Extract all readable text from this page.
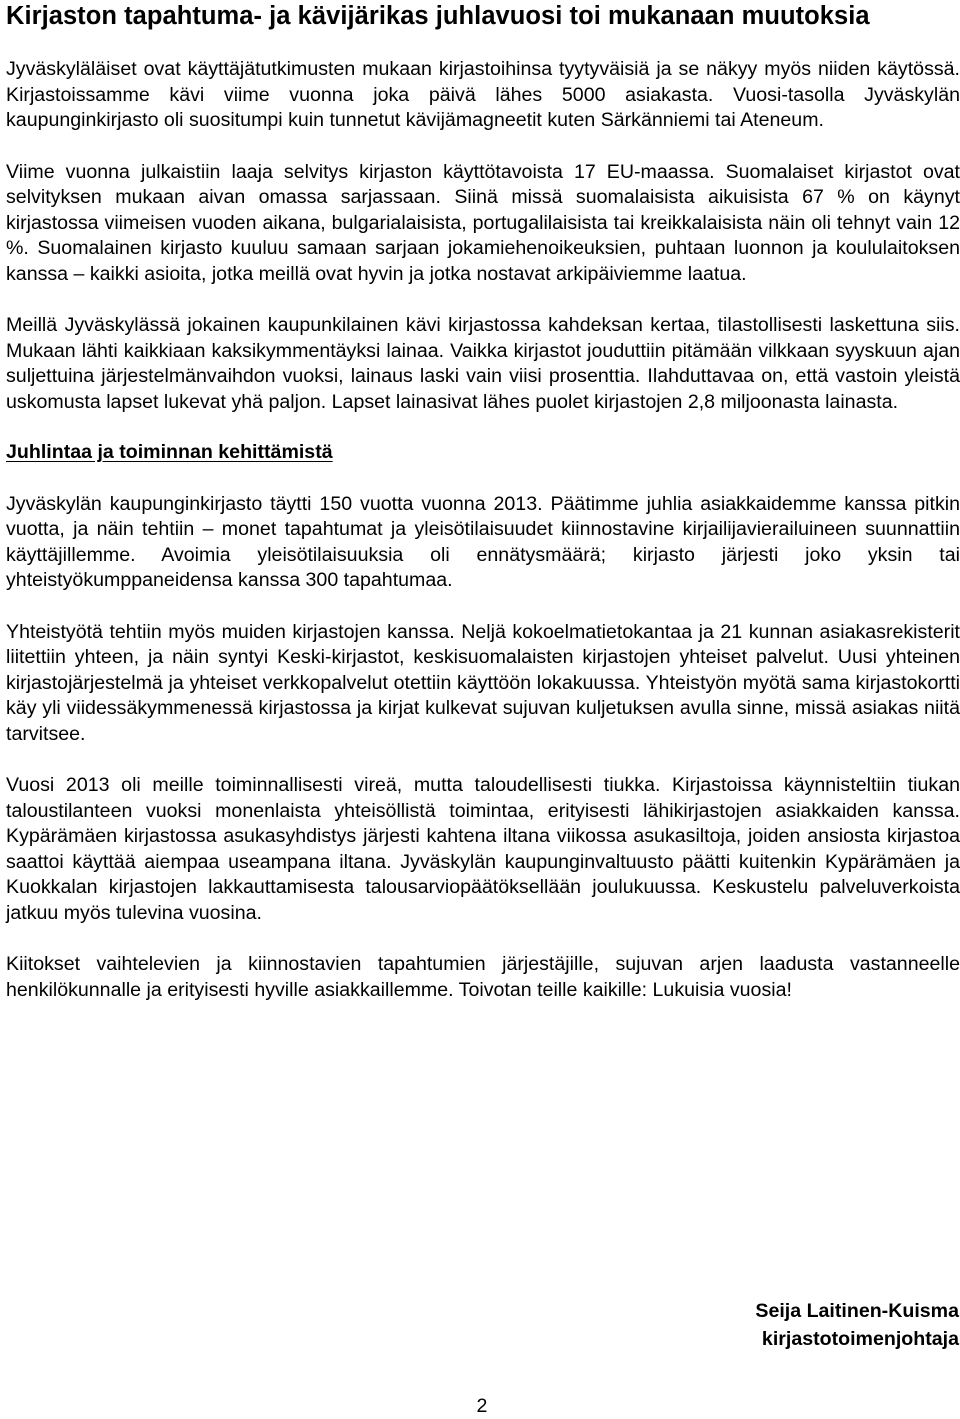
Kirjaston tapahtuma- ja kävijärikas juhlavuosi toi mukanaan muutoksia

Jyväskyläläiset ovat käyttäjätutkimusten mukaan kirjastoihinsa tyytyväisiä ja se näkyy myös niiden käytössä. Kirjastoissamme kävi viime vuonna joka päivä lähes 5000 asiakasta. Vuosi-tasolla Jyväskylän kaupunginkirjasto oli suositumpi kuin tunnetut kävijämagneetit kuten Särkänniemi tai Ateneum.

Viime vuonna julkaistiin laaja selvitys kirjaston käyttötavoista 17 EU-maassa. Suomalaiset kirjastot ovat selvityksen mukaan aivan omassa sarjassaan. Siinä missä suomalaisista aikuisista 67 % on käynyt kirjastossa viimeisen vuoden aikana, bulgarialaisista, portugalilaisista tai kreikkalaisista näin oli tehnyt vain 12 %. Suomalainen kirjasto kuuluu samaan sarjaan jokamiehenoikeuksien, puhtaan luonnon ja koululaitoksen kanssa – kaikki asioita, jotka meillä ovat hyvin ja jotka nostavat arkipäiviemme laatua.

Meillä Jyväskylässä jokainen kaupunkilainen kävi kirjastossa kahdeksan kertaa, tilastollisesti laskettuna siis. Mukaan lähti kaikkiaan kaksikymmentäyksi lainaa. Vaikka kirjastot jouduttiin pitämään vilkkaan syyskuun ajan suljettuina järjestelmänvaihdon vuoksi, lainaus laski vain viisi prosenttia. Ilahduttavaa on, että vastoin yleistä uskomusta lapset lukevat yhä paljon. Lapset lainasivat lähes puolet kirjastojen 2,8 miljoonasta lainasta.

Juhlintaa ja toiminnan kehittämistä

Jyväskylän kaupunginkirjasto täytti 150 vuotta vuonna 2013. Päätimme juhlia asiakkaidemme kanssa pitkin vuotta, ja näin tehtiin – monet tapahtumat ja yleisötilaisuudet kiinnostavine kirjailijavierailuineen suunnattiin käyttäjillemme. Avoimia yleisötilaisuuksia oli ennätysmäärä; kirjasto järjesti joko yksin tai yhteistyökumppaneidensa kanssa 300 tapahtumaa.

Yhteistyötä tehtiin myös muiden kirjastojen kanssa. Neljä kokoelmatietokantaa ja 21 kunnan asiakasrekisterit liitettiin yhteen, ja näin syntyi Keski-kirjastot, keskisuomalaisten kirjastojen yhteiset palvelut. Uusi yhteinen kirjastojärjestelmä ja yhteiset verkkopalvelut otettiin käyttöön lokakuussa. Yhteistyön myötä sama kirjastokortti käy yli viidessäkymmenessä kirjastossa ja kirjat kulkevat sujuvan kuljetuksen avulla sinne, missä asiakas niitä tarvitsee.

Vuosi 2013 oli meille toiminnallisesti vireä, mutta taloudellisesti tiukka. Kirjastoissa käynnisteltiin tiukan taloustilanteen vuoksi monenlaista yhteisöllistä toimintaa, erityisesti lähikirjastojen asiakkaiden kanssa. Kypärämäen kirjastossa asukasyhdistys järjesti kahtena iltana viikossa asukasiltoja, joiden ansiosta kirjastoa saattoi käyttää aiempaa useampana iltana. Jyväskylän kaupunginvaltuusto päätti kuitenkin Kypärämäen ja Kuokkalan kirjastojen lakkauttamisesta talousarviopäätöksellään joulukuussa. Keskustelu palveluverkoista jatkuu myös tulevina vuosina.

Kiitokset vaihtelevien ja kiinnostavien tapahtumien järjestäjille, sujuvan arjen laadusta vastanneelle henkilökunnalle ja erityisesti hyville asiakkaillemme. Toivotan teille kaikille: Lukuisia vuosia!

Seija Laitinen-Kuisma
kirjastotoimenjohtaja
2
